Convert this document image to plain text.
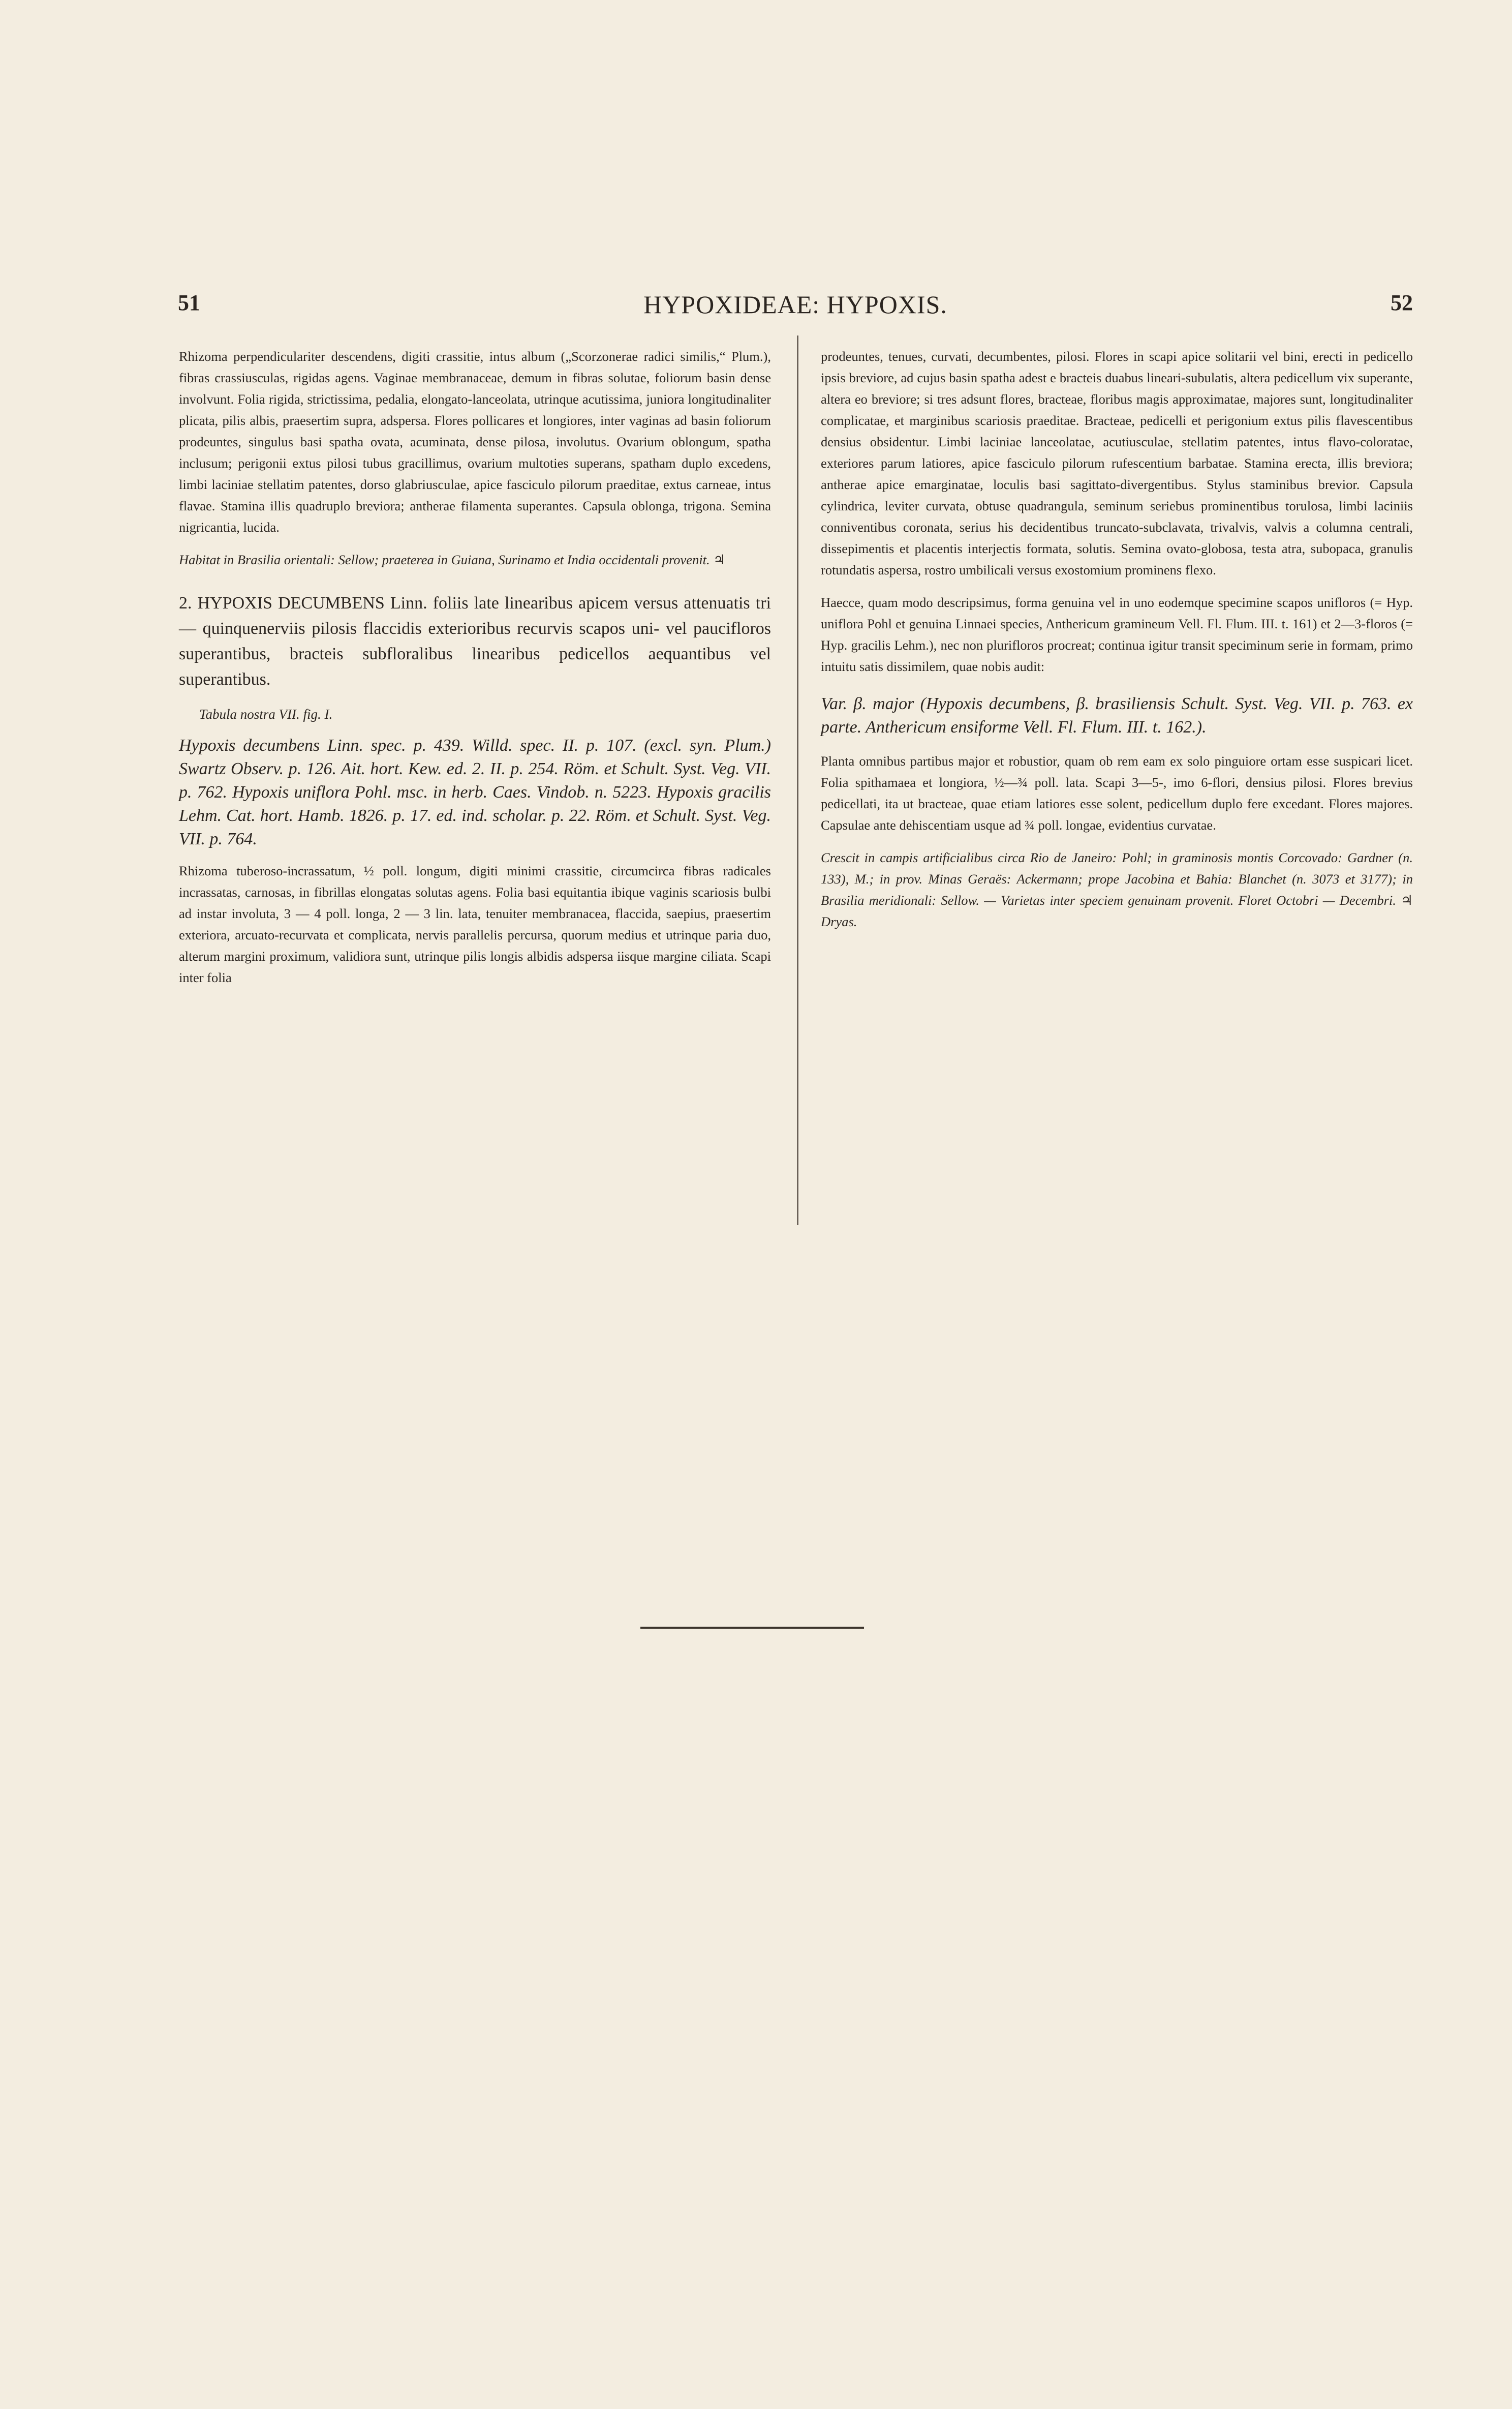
51	HYPOXIDEAE: HYPOXIS.	52

Rhizoma perpendiculariter descendens, digiti crassitie, intus album („Scorzonerae radici similis,“ Plum.), fibras crassiusculas, rigidas agens. Vaginae membranaceae, demum in fibras solutae, foliorum basin dense involvunt. Folia rigida, strictissima, pedalia, elongato-lanceolata, utrinque acutissima, juniora longitudinaliter plicata, pilis albis, praesertim supra, adspersa. Flores pollicares et longiores, inter vaginas ad basin foliorum prodeuntes, singulus basi spatha ovata, acuminata, dense pilosa, involutus. Ovarium oblongum, spatha inclusum; perigonii extus pilosi tubus gracillimus, ovarium multoties superans, spatham duplo excedens, limbi laciniae stellatim patentes, dorso glabriusculae, apice fasciculo pilorum praeditae, extus carneae, intus flavae. Stamina illis quadruplo breviora; antherae filamenta superantes. Capsula oblonga, trigona. Semina nigricantia, lucida.

Habitat in Brasilia orientali: Sellow; praeterea in Guiana, Surinamo et India occidentali provenit. ♃

2. HYPOXIS DECUMBENS Linn. foliis late linearibus apicem versus attenuatis tri — quinquenerviis pilosis flaccidis exterioribus recurvis scapos uni- vel paucifloros superantibus, bracteis subfloralibus linearibus pedicellos aequantibus vel superantibus.

Tabula nostra VII. fig. I.

Hypoxis decumbens Linn. spec. p. 439. Willd. spec. II. p. 107. (excl. syn. Plum.) Swartz Observ. p. 126. Ait. hort. Kew. ed. 2. II. p. 254. Röm. et Schult. Syst. Veg. VII. p. 762. Hypoxis uniflora Pohl. msc. in herb. Caes. Vindob. n. 5223. Hypoxis gracilis Lehm. Cat. hort. Hamb. 1826. p. 17. ed. ind. scholar. p. 22. Röm. et Schult. Syst. Veg. VII. p. 764.

Rhizoma tuberoso-incrassatum, ½ poll. longum, digiti minimi crassitie, circumcirca fibras radicales incrassatas, carnosas, in fibrillas elongatas solutas agens. Folia basi equitantia ibique vaginis scariosis bulbi ad instar involuta, 3 — 4 poll. longa, 2 — 3 lin. lata, tenuiter membranacea, flaccida, saepius, praesertim exteriora, arcuato-recurvata et complicata, nervis parallelis percursa, quorum medius et utrinque paria duo, alterum margini proximum, validiora sunt, utrinque pilis longis albidis adspersa iisque margine ciliata. Scapi inter folia

prodeuntes, tenues, curvati, decumbentes, pilosi. Flores in scapi apice solitarii vel bini, erecti in pedicello ipsis breviore, ad cujus basin spatha adest e bracteis duabus lineari-subulatis, altera pedicellum vix superante, altera eo breviore; si tres adsunt flores, bracteae, floribus magis approximatae, majores sunt, longitudinaliter complicatae, et marginibus scariosis praeditae. Bracteae, pedicelli et perigonium extus pilis flavescentibus densius obsidentur. Limbi laciniae lanceolatae, acutiusculae, stellatim patentes, intus flavo-coloratae, exteriores parum latiores, apice fasciculo pilorum rufescentium barbatae. Stamina erecta, illis breviora; antherae apice emarginatae, loculis basi sagittato-divergentibus. Stylus staminibus brevior. Capsula cylindrica, leviter curvata, obtuse quadrangula, seminum seriebus prominentibus torulosa, limbi laciniis conniventibus coronata, serius his decidentibus truncato-subclavata, trivalvis, valvis a columna centrali, dissepimentis et placentis interjectis formata, solutis. Semina ovato-globosa, testa atra, subopaca, granulis rotundatis aspersa, rostro umbilicali versus exostomium prominens flexo.

Haecce, quam modo descripsimus, forma genuina vel in uno eodemque specimine scapos unifloros (= Hyp. uniflora Pohl et genuina Linnaei species, Anthericum gramineum Vell. Fl. Flum. III. t. 161) et 2—3-floros (= Hyp. gracilis Lehm.), nec non plurifloros procreat; continua igitur transit speciminum serie in formam, primo intuitu satis dissimilem, quae nobis audit:

Var. β. major (Hypoxis decumbens, β. brasiliensis Schult. Syst. Veg. VII. p. 763. ex parte. Anthericum ensiforme Vell. Fl. Flum. III. t. 162.).

Planta omnibus partibus major et robustior, quam ob rem eam ex solo pinguiore ortam esse suspicari licet. Folia spithamaea et longiora, ½—¾ poll. lata. Scapi 3—5-, imo 6-flori, densius pilosi. Flores brevius pedicellati, ita ut bracteae, quae etiam latiores esse solent, pedicellum duplo fere excedant. Flores majores. Capsulae ante dehiscentiam usque ad ¾ poll. longae, evidentius curvatae.

Crescit in campis artificialibus circa Rio de Janeiro: Pohl; in graminosis montis Corcovado: Gardner (n. 133), M.; in prov. Minas Geraës: Ackermann; prope Jacobina et Bahia: Blanchet (n. 3073 et 3177); in Brasilia meridionali: Sellow. — Varietas inter speciem genuinam provenit. Floret Octobri — Decembri. ♃ Dryas.
